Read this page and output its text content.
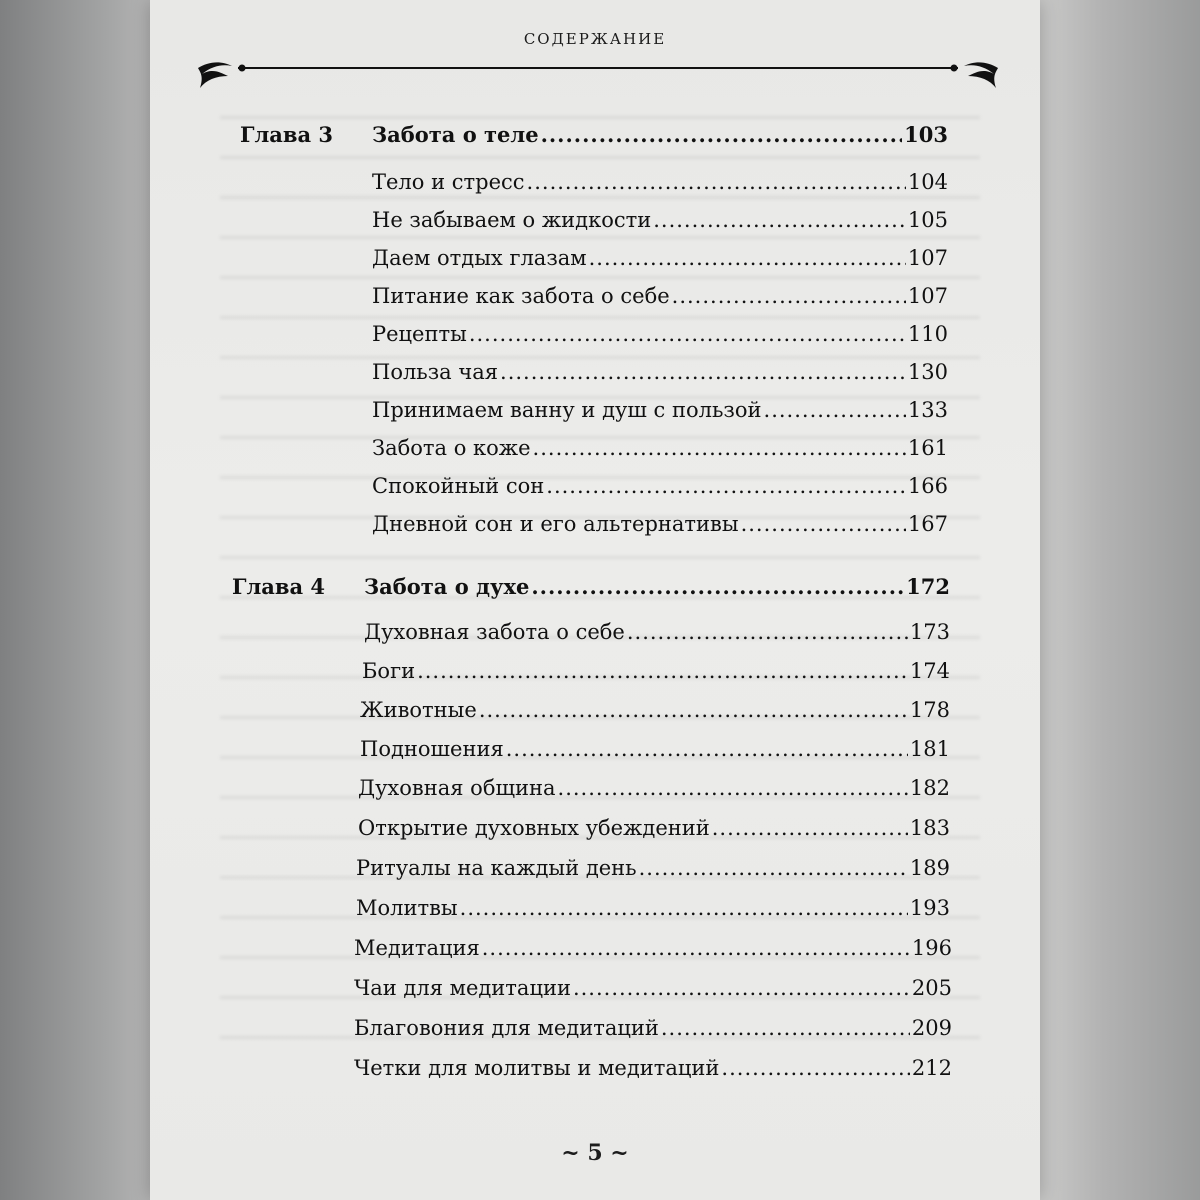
СОДЕРЖАНИЕ
Глава 3 Забота о теле .....	103
Тело и стресс .....	104
Не забываем о жидкости .....	105
Даем отдых глазам .....	107
Питание как забота о себе .....	107
Рецепты .....	110
Польза чая .....	130
Принимаем ванну и душ с пользой .....	133
Забота о коже .....	161
Спокойный сон .....	166
Дневной сон и его альтернативы .....	167
Глава 4 Забота о духе .....	172
Духовная забота о себе .....	173
Боги .....	174
Животные .....	178
Подношения .....	181
Духовная община .....	182
Открытие духовных убеждений .....	183
Ритуалы на каждый день .....	189
Молитвы .....	193
Медитация .....	196
Чаи для медитации .....	205
Благовония для медитаций .....	209
Четки для молитвы и медитаций .....	212
~ 5 ~
